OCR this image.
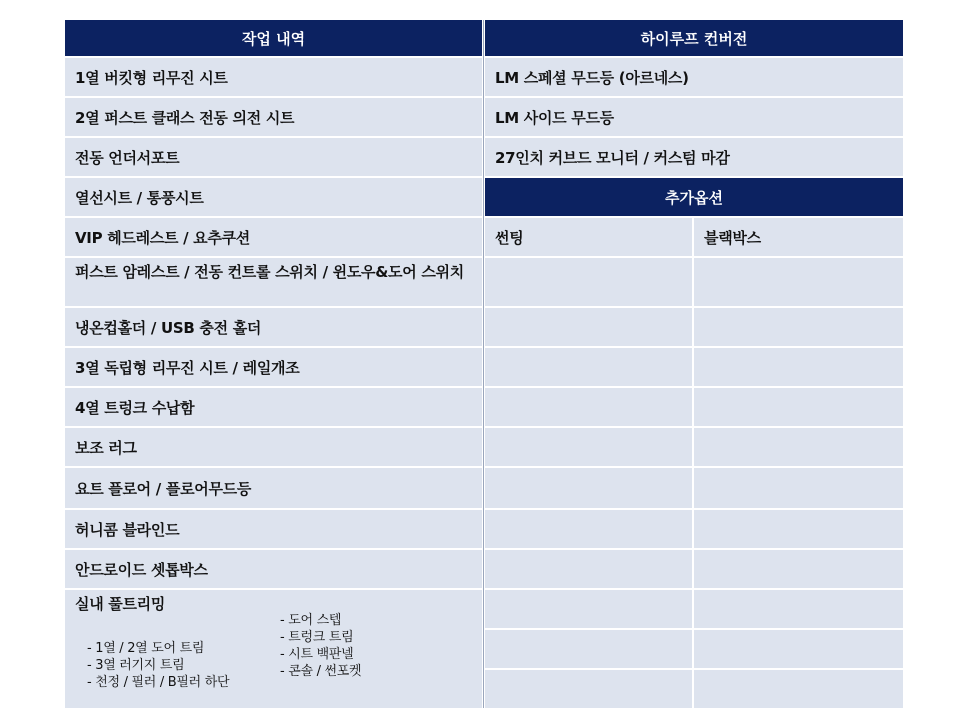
작업 내역
1열 버킷형 리무진 시트
2열 퍼스트 클래스 전동 의전 시트
전동 언더서포트
열선시트 / 통풍시트
VIP 헤드레스트 / 요추쿠션
퍼스트 암레스트 / 전동 컨트롤 스위치 / 윈도우&도어 스위치
냉온컵홀더 / USB 충전 홀더
3열 독립형 리무진 시트 / 레일개조
4열 트렁크 수납함
보조 러그
요트 플로어 / 플로어무드등
허니콤 블라인드
안드로이드 셋톱박스
실내 풀트리밍
- 1열 / 2열 도어 트림
- 3열 러기지 트림
- 천정 / 필러 / B필러 하단
- 도어 스텝
- 트렁크 트림
- 시트 백판넬
- 콘솔 / 썬포켓
하이루프 컨버전
LM 스페셜 무드등 (아르네스)
LM 사이드 무드등
27인치 커브드 모니터 / 커스텀 마감
추가옵션
썬팅	블랙박스
